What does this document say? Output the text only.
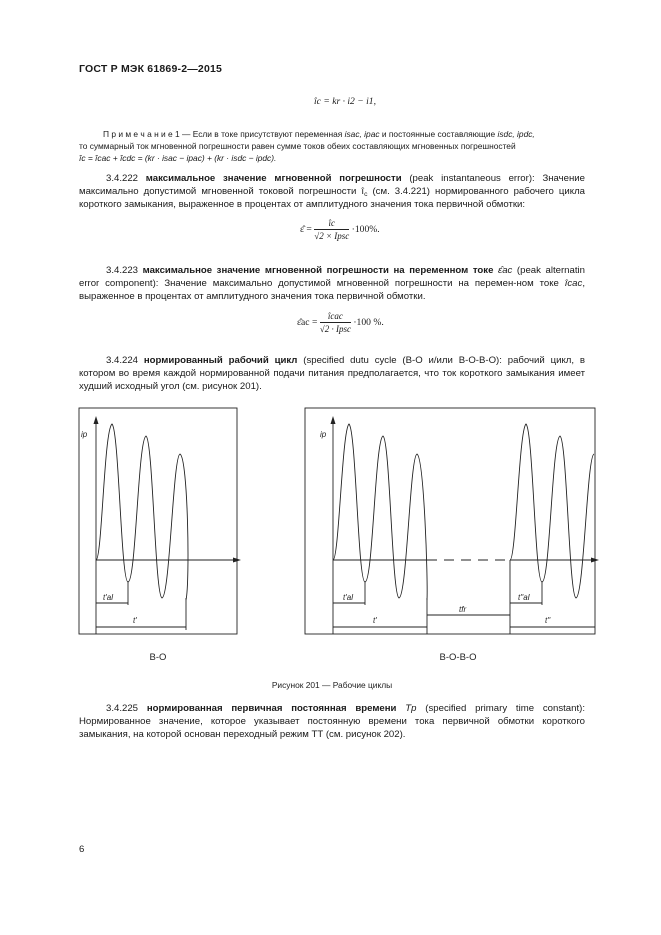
ГОСТ Р МЭК 61869-2—2015
îc = kr · i2 − i1,
П р и м е ч а н и е 1 — Если в токе присутствуют переменная isac, ipac и постоянные составляющие isdc, ipdc,
то суммарный ток мгновенной погрешности равен сумме токов обеих составляющих мгновенных погрешностей
îc = îcac + îcdc = (kr · isac − ipac) + (kr · isdc − ipdc).
3.4.222 максимальное значение мгновенной погрешности (peak instantaneous error): Значение максимально допустимой мгновенной токовой погрешности $î_c$ (см. 3.4.221) нормированного рабочего цикла короткого замыкания, выраженное в процентах от амплитудного значения тока первичной обмотки:
ε̂ = $\frac{îc}{\text{√2 × Ipsc}} \cdot 100\%$.
3.4.223 максимальное значение мгновенной погрешности на переменном токе ε̂ac (peak alternatin error component): Значение максимально допустимой мгновенной погрешности на перемен-ном токе îcac, выраженное в процентах от амплитудного значения тока первичной обмотки.
ε̂ac = $\frac{\text{îcac}}{\text{√2 · Ipsc}} \cdot 100$ %.
3.4.224 нормированный рабочий цикл (specified dutu cycle (В-О и/или В-О-В-О): рабочий цикл, в котором во время каждой нормированной подачи питания предполагается, что ток короткого замыкания имеет худший исходный угол (см. рисунок 201).
ip
t'al
t'
ip
t'al
tfr
t''al
t'	t''
В-О	В-О-В-О
Рисунок 201 — Рабочие циклы
3.4.225 нормированная первичная постоянная времени Tp (specified primary time constant): Нормированное значение, которое указывает постоянную времени тока первичной обмотки короткого замыкания, на которой основан переходный режим ТТ (см. рисунок 202).
6
